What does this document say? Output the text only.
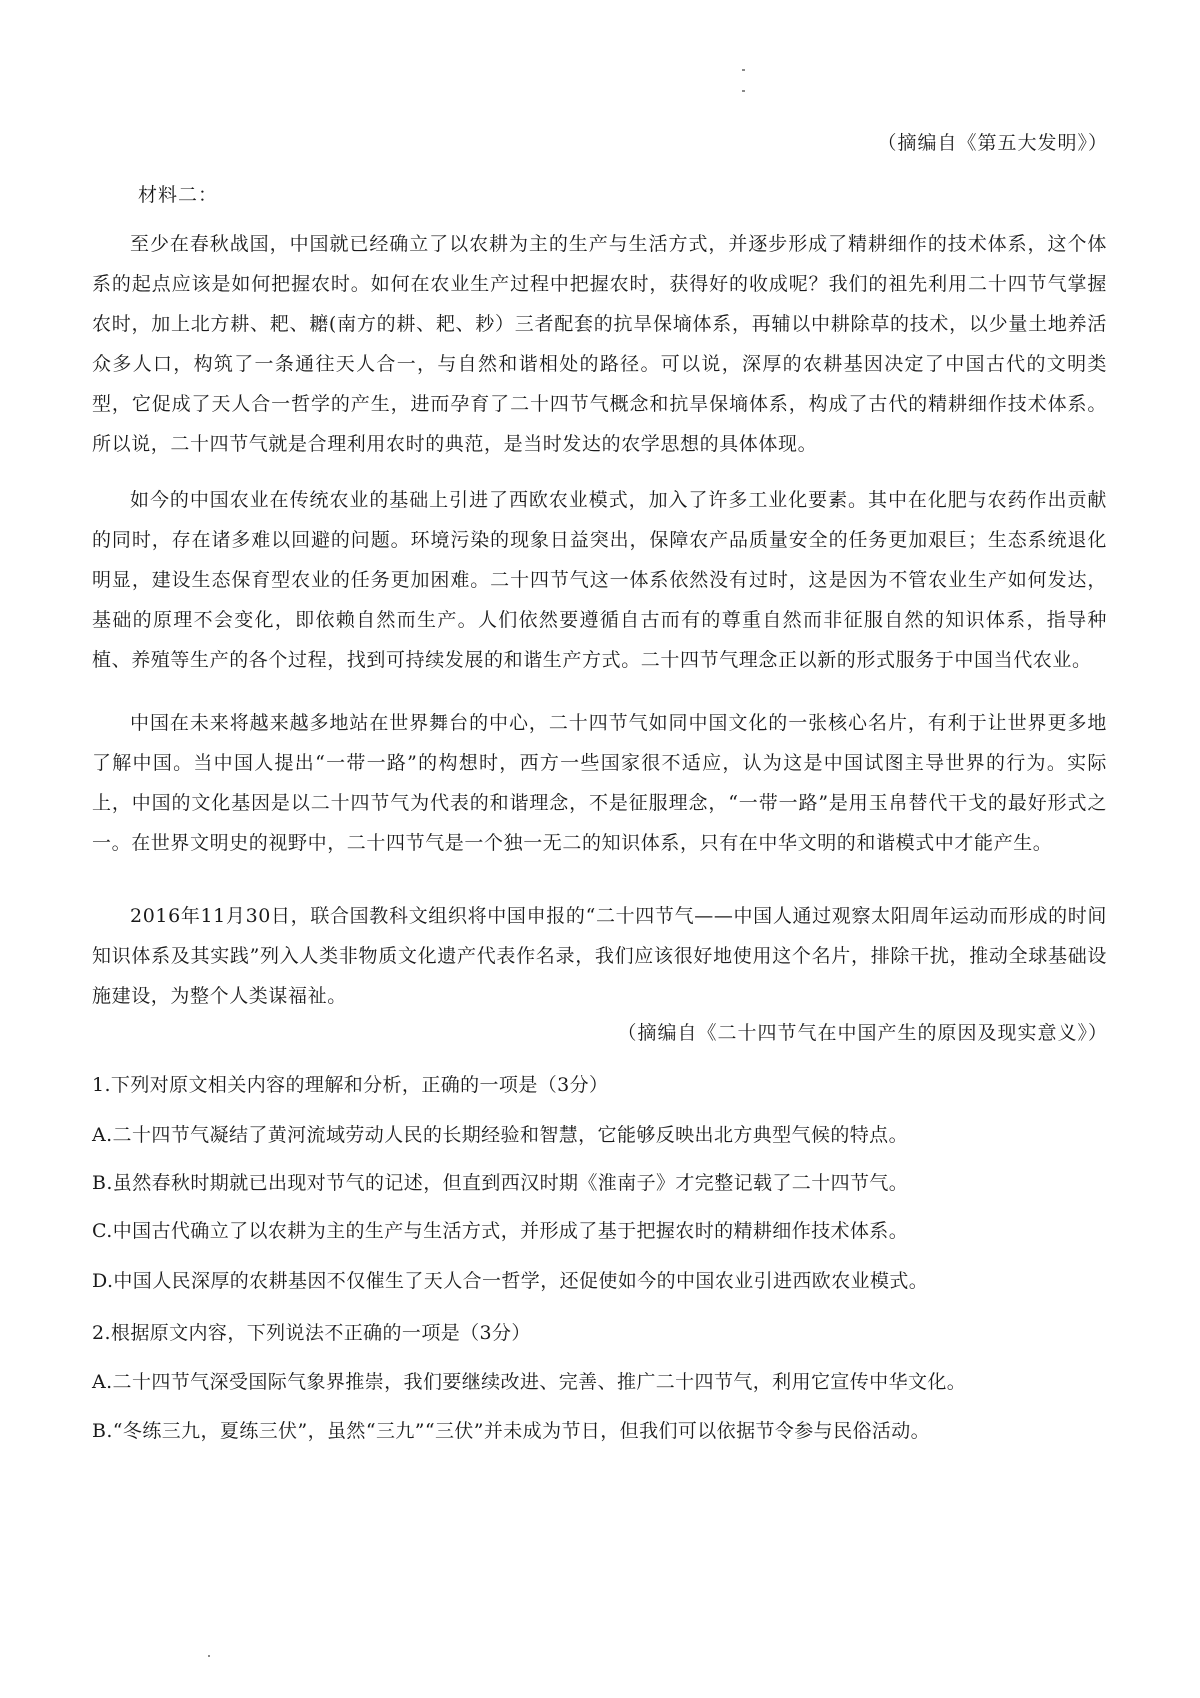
（摘编自《第五大发明》）
材料二：

至少在春秋战国，中国就已经确立了以农耕为主的生产与生活方式，并逐步形成了精耕细作的技术体系，这个体系的起点应该是如何把握农时。如何在农业生产过程中把握农时，获得好的收成呢？我们的祖先利用二十四节气掌握农时，加上北方耕、耙、耱(南方的耕、耙、耖）三者配套的抗旱保墒体系，再辅以中耕除草的技术，以少量土地养活众多人口，构筑了一条通往天人合一，与自然和谐相处的路径。可以说，深厚的农耕基因决定了中国古代的文明类型，它促成了天人合一哲学的产生，进而孕育了二十四节气概念和抗旱保墒体系，构成了古代的精耕细作技术体系。所以说，二十四节气就是合理利用农时的典范，是当时发达的农学思想的具体体现。

如今的中国农业在传统农业的基础上引进了西欧农业模式，加入了许多工业化要素。其中在化肥与农药作出贡献的同时，存在诸多难以回避的问题。环境污染的现象日益突出，保障农产品质量安全的任务更加艰巨；生态系统退化明显，建设生态保育型农业的任务更加困难。二十四节气这一体系依然没有过时，这是因为不管农业生产如何发达，基础的原理不会变化，即依赖自然而生产。人们依然要遵循自古而有的尊重自然而非征服自然的知识体系，指导种植、养殖等生产的各个过程，找到可持续发展的和谐生产方式。二十四节气理念正以新的形式服务于中国当代农业。

中国在未来将越来越多地站在世界舞台的中心，二十四节气如同中国文化的一张核心名片，有利于让世界更多地了解中国。当中国人提出“一带一路”的构想时，西方一些国家很不适应，认为这是中国试图主导世界的行为。实际上，中国的文化基因是以二十四节气为代表的和谐理念，不是征服理念，“一带一路”是用玉帛替代干戈的最好形式之一。在世界文明史的视野中，二十四节气是一个独一无二的知识体系，只有在中华文明的和谐模式中才能产生。

2016年11月30日，联合国教科文组织将中国申报的“二十四节气——中国人通过观察太阳周年运动而形成的时间知识体系及其实践”列入人类非物质文化遗产代表作名录，我们应该很好地使用这个名片，排除干扰，推动全球基础设施建设，为整个人类谋福祉。

（摘编自《二十四节气在中国产生的原因及现实意义》）
1.下列对原文相关内容的理解和分析，正确的一项是（3分）
A.二十四节气凝结了黄河流域劳动人民的长期经验和智慧，它能够反映出北方典型气候的特点。
B.虽然春秋时期就已出现对节气的记述，但直到西汉时期《淮南子》才完整记载了二十四节气。
C.中国古代确立了以农耕为主的生产与生活方式，并形成了基于把握农时的精耕细作技术体系。
D.中国人民深厚的农耕基因不仅催生了天人合一哲学，还促使如今的中国农业引进西欧农业模式。
2.根据原文内容，下列说法不正确的一项是（3分）
A.二十四节气深受国际气象界推崇，我们要继续改进、完善、推广二十四节气，利用它宣传中华文化。
B.“冬练三九，夏练三伏”，虽然“三九”“三伏”并未成为节日，但我们可以依据节令参与民俗活动。
